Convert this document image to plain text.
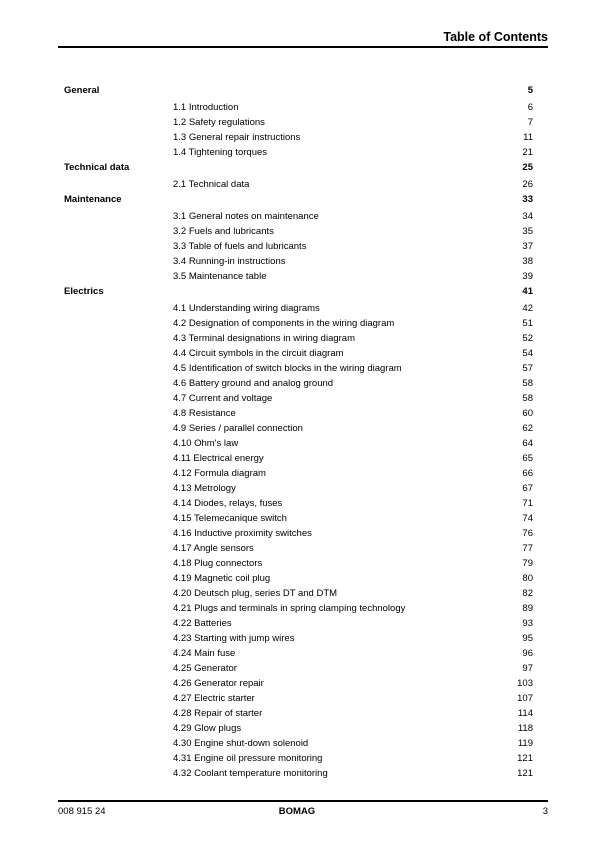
Table of Contents
General	5
1.1 Introduction	6
1.2 Safety regulations	7
1.3 General repair instructions	11
1.4 Tightening torques	21
Technical data	25
2.1 Technical data	26
Maintenance	33
3.1 General notes on maintenance	34
3.2 Fuels and lubricants	35
3.3 Table of fuels and lubricants	37
3.4 Running-in instructions	38
3.5 Maintenance table	39
Electrics	41
4.1 Understanding wiring diagrams	42
4.2 Designation of components in the wiring diagram	51
4.3 Terminal designations in wiring diagram	52
4.4 Circuit symbols in the circuit diagram	54
4.5 Identification of switch blocks in the wiring diagram	57
4.6 Battery ground and analog ground	58
4.7 Current and voltage	58
4.8 Resistance	60
4.9 Series / parallel connection	62
4.10 Ohm's law	64
4.11 Electrical energy	65
4.12 Formula diagram	66
4.13 Metrology	67
4.14 Diodes, relays, fuses	71
4.15 Telemecanique switch	74
4.16 Inductive proximity switches	76
4.17 Angle sensors	77
4.18 Plug connectors	79
4.19 Magnetic coil plug	80
4.20 Deutsch plug, series DT and DTM	82
4.21 Plugs and terminals in spring clamping technology	89
4.22 Batteries	93
4.23 Starting with jump wires	95
4.24 Main fuse	96
4.25 Generator	97
4.26 Generator repair	103
4.27 Electric starter	107
4.28 Repair of starter	114
4.29 Glow plugs	118
4.30 Engine shut-down solenoid	119
4.31 Engine oil pressure monitoring	121
4.32 Coolant temperature monitoring	121
008 915 24	BOMAG	3
